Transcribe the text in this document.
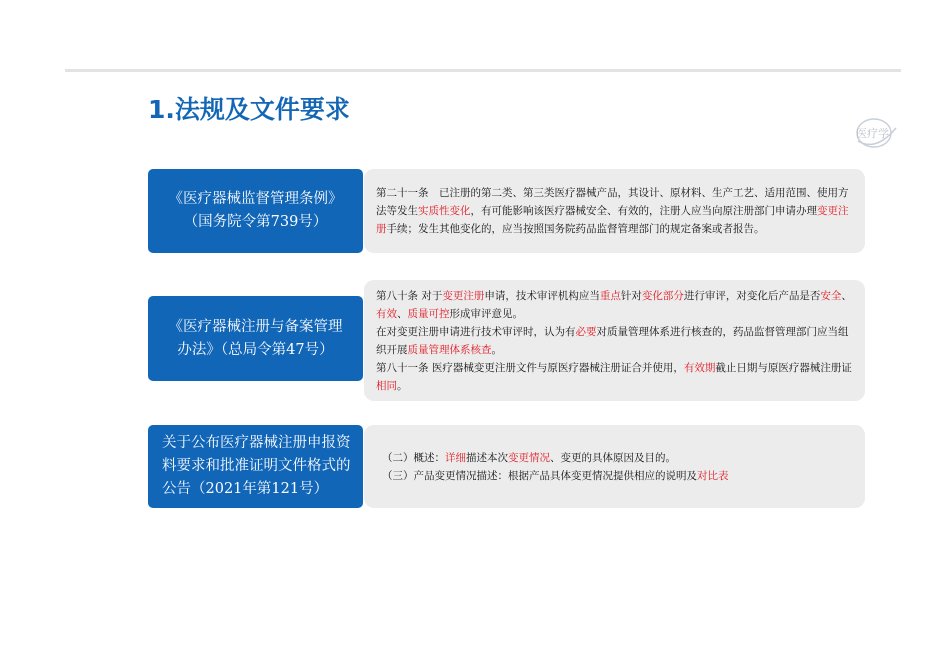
1.法规及文件要求
医疗学
《医疗器械监督管理条例》
（国务院令第739号）

第二十一条　已注册的第二类、第三类医疗器械产品，其设计、原材料、生产工艺、适用范围、使用方法等发生实质性变化，有可能影响该医疗器械安全、有效的，注册人应当向原注册部门申请办理变更注册手续；发生其他变化的，应当按照国务院药品监督管理部门的规定备案或者报告。

《医疗器械注册与备案管理办法》（总局令第47号）

第八十条 对于变更注册申请，技术审评机构应当重点针对变化部分进行审评，对变化后产品是否安全、有效、质量可控形成审评意见。

在对变更注册申请进行技术审评时，认为有必要对质量管理体系进行核查的，药品监督管理部门应当组织开展质量管理体系核查。

第八十一条 医疗器械变更注册文件与原医疗器械注册证合并使用，有效期截止日期与原医疗器械注册证相同。

关于公布医疗器械注册申报资料要求和批准证明文件格式的公告（2021年第121号）

（二）概述：详细描述本次变更情况、变更的具体原因及目的。

（三）产品变更情况描述：根据产品具体变更情况提供相应的说明及对比表
